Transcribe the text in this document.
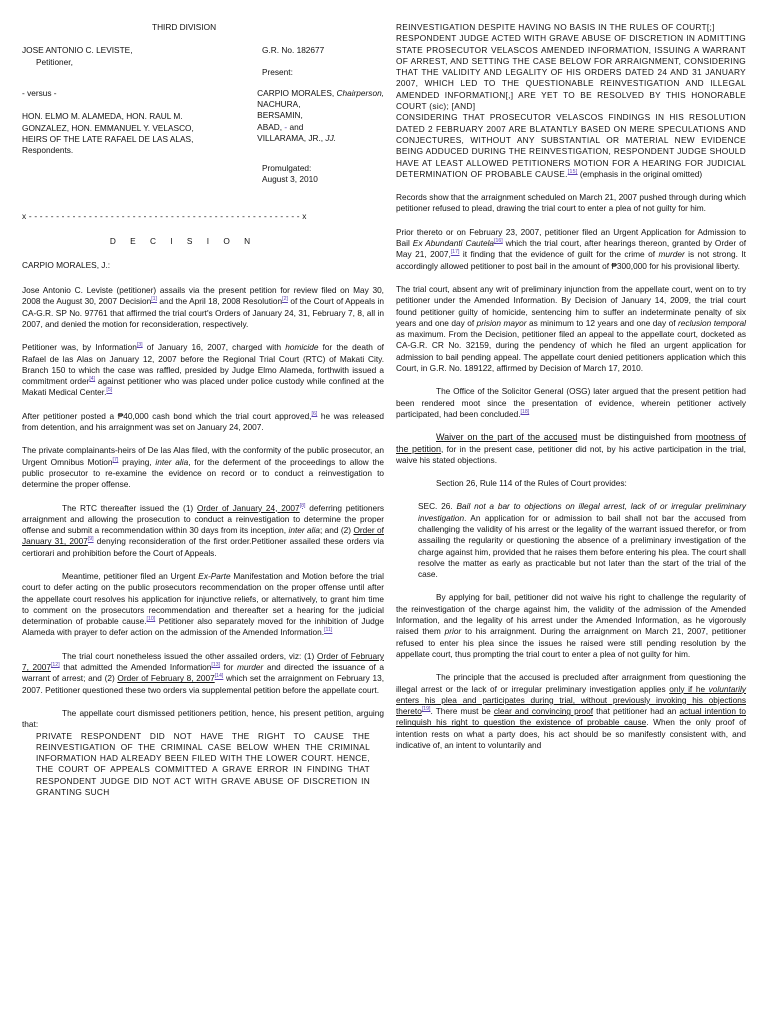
THIRD DIVISION
JOSE ANTONIO C. LEVISTE,
Petitioner,
G.R. No. 182677
Present:
- versus -	CARPIO MORALES, Chairperson,
NACHURA,
BERSAMIN,
ABAD, - and
VILLARAMA, JR., JJ.
HON. ELMO M. ALAMEDA, HON. RAUL M.
GONZALEZ, HON. EMMANUEL Y. VELASCO,
HEIRS OF THE LATE RAFAEL DE LAS ALAS,
Respondents.
Promulgated:
August 3, 2010
x - - - - - - - - - - - - - - - - - - - - - - - - - - - - - - - - - - - - - - - - - - - - - - - - - - x
D E C I S I O N

CARPIO MORALES, J.:

Jose Antonio C. Leviste (petitioner) assails via the present petition for review filed on May 30, 2008 the August 30, 2007 Decision[1] and the April 18, 2008 Resolution[2] of the Court of Appeals in CA-G.R. SP No. 97761 that affirmed the trial court's Orders of January 24, 31, February 7, 8, all in 2007, and denied the motion for reconsideration, respectively.

Petitioner was, by Information[3] of January 16, 2007, charged with homicide for the death of Rafael de las Alas on January 12, 2007 before the Regional Trial Court (RTC) of Makati City. Branch 150 to which the case was raffled, presided by Judge Elmo Alameda, forthwith issued a commitment order[4] against petitioner who was placed under police custody while confined at the Makati Medical Center.[5]

After petitioner posted a ₱40,000 cash bond which the trial court approved,[6] he was released from detention, and his arraignment was set on January 24, 2007.

The private complainants-heirs of De las Alas filed, with the conformity of the public prosecutor, an Urgent Omnibus Motion[7] praying, inter alia, for the deferment of the proceedings to allow the public prosecutor to re-examine the evidence on record or to conduct a reinvestigation to determine the proper offense.

The RTC thereafter issued the (1) Order of January 24, 2007[8] deferring petitioners arraignment and allowing the prosecution to conduct a reinvestigation to determine the proper offense and submit a recommendation within 30 days from its inception, inter alia; and (2) Order of January 31, 2007[9] denying reconsideration of the first order.Petitioner assailed these orders via certiorari and prohibition before the Court of Appeals.

Meantime, petitioner filed an Urgent Ex-Parte Manifestation and Motion before the trial court to defer acting on the public prosecutors recommendation on the proper offense until after the appellate court resolves his application for injunctive reliefs, or alternatively, to grant him time to comment on the prosecutors recommendation and thereafter set a hearing for the judicial determination of probable cause.[10] Petitioner also separately moved for the inhibition of Judge Alameda with prayer to defer action on the admission of the Amended Information.[11]

The trial court nonetheless issued the other assailed orders, viz: (1) Order of February 7, 2007[12] that admitted the Amended Information[13] for murder and directed the issuance of a warrant of arrest; and (2) Order of February 8, 2007[14] which set the arraignment on February 13, 2007. Petitioner questioned these two orders via supplemental petition before the appellate court.

The appellate court dismissed petitioners petition, hence, his present petition, arguing that:

PRIVATE RESPONDENT DID NOT HAVE THE RIGHT TO CAUSE THE REINVESTIGATION OF THE CRIMINAL CASE BELOW WHEN THE CRIMINAL INFORMATION HAD ALREADY BEEN FILED WITH THE LOWER COURT. HENCE, THE COURT OF APPEALS COMMITTED A GRAVE ERROR IN FINDING THAT RESPONDENT JUDGE DID NOT ACT WITH GRAVE ABUSE OF DISCRETION IN GRANTING SUCH

REINVESTIGATION DESPITE HAVING NO BASIS IN THE RULES OF COURT[;]

RESPONDENT JUDGE ACTED WITH GRAVE ABUSE OF DISCRETION IN ADMITTING STATE PROSECUTOR VELASCOS AMENDED INFORMATION, ISSUING A WARRANT OF ARREST, AND SETTING THE CASE BELOW FOR ARRAIGNMENT, CONSIDERING THAT THE VALIDITY AND LEGALITY OF HIS ORDERS DATED 24 AND 31 JANUARY 2007, WHICH LED TO THE QUESTIONABLE REINVESTIGATION AND ILLEGAL AMENDED INFORMATION[,] ARE YET TO BE RESOLVED BY THIS HONORABLE COURT (sic); [AND]

CONSIDERING THAT PROSECUTOR VELASCOS FINDINGS IN HIS RESOLUTION DATED 2 FEBRUARY 2007 ARE BLATANTLY BASED ON MERE SPECULATIONS AND CONJECTURES, WITHOUT ANY SUBSTANTIAL OR MATERIAL NEW EVIDENCE BEING ADDUCED DURING THE REINVESTIGATION, RESPONDENT JUDGE SHOULD HAVE AT LEAST ALLOWED PETITIONERS MOTION FOR A HEARING FOR JUDICIAL DETERMINATION OF PROBABLE CAUSE.[15] (emphasis in the original omitted)

Records show that the arraignment scheduled on March 21, 2007 pushed through during which petitioner refused to plead, drawing the trial court to enter a plea of not guilty for him.

Prior thereto or on February 23, 2007, petitioner filed an Urgent Application for Admission to Bail Ex Abundanti Cautela[16] which the trial court, after hearings thereon, granted by Order of May 21, 2007,[17] it finding that the evidence of guilt for the crime of murder is not strong. It accordingly allowed petitioner to post bail in the amount of ₱300,000 for his provisional liberty.

The trial court, absent any writ of preliminary injunction from the appellate court, went on to try petitioner under the Amended Information. By Decision of January 14, 2009, the trial court found petitioner guilty of homicide, sentencing him to suffer an indeterminate penalty of six years and one day of prision mayor as minimum to 12 years and one day of reclusion temporal as maximum. From the Decision, petitioner filed an appeal to the appellate court, docketed as CA-G.R. CR No. 32159, during the pendency of which he filed an urgent application for admission to bail pending appeal. The appellate court denied petitioners application which this Court, in G.R. No. 189122, affirmed by Decision of March 17, 2010.

The Office of the Solicitor General (OSG) later argued that the present petition had been rendered moot since the presentation of evidence, wherein petitioner actively participated, had been concluded.[18]

Waiver on the part of the accused must be distinguished from mootness of the petition, for in the present case, petitioner did not, by his active participation in the trial, waive his stated objections.

Section 26, Rule 114 of the Rules of Court provides:

SEC. 26. Bail not a bar to objections on illegal arrest, lack of or irregular preliminary investigation. An application for or admission to bail shall not bar the accused from challenging the validity of his arrest or the legality of the warrant issued therefor, or from assailing the regularity or questioning the absence of a preliminary investigation of the charge against him, provided that he raises them before entering his plea. The court shall resolve the matter as early as practicable but not later than the start of the trial of the case.

By applying for bail, petitioner did not waive his right to challenge the regularity of the reinvestigation of the charge against him, the validity of the admission of the Amended Information, and the legality of his arrest under the Amended Information, as he vigorously raised them prior to his arraignment. During the arraignment on March 21, 2007, petitioner refused to enter his plea since the issues he raised were still pending resolution by the appellate court, thus prompting the trial court to enter a plea of not guilty for him.

The principle that the accused is precluded after arraignment from questioning the illegal arrest or the lack of or irregular preliminary investigation applies only if he voluntarily enters his plea and participates during trial, without previously invoking his objections thereto[19]. There must be clear and convincing proof that petitioner had an actual intention to relinquish his right to question the existence of probable cause. When the only proof of intention rests on what a party does, his act should be so manifestly consistent with, and indicative of, an intent to voluntarily and
